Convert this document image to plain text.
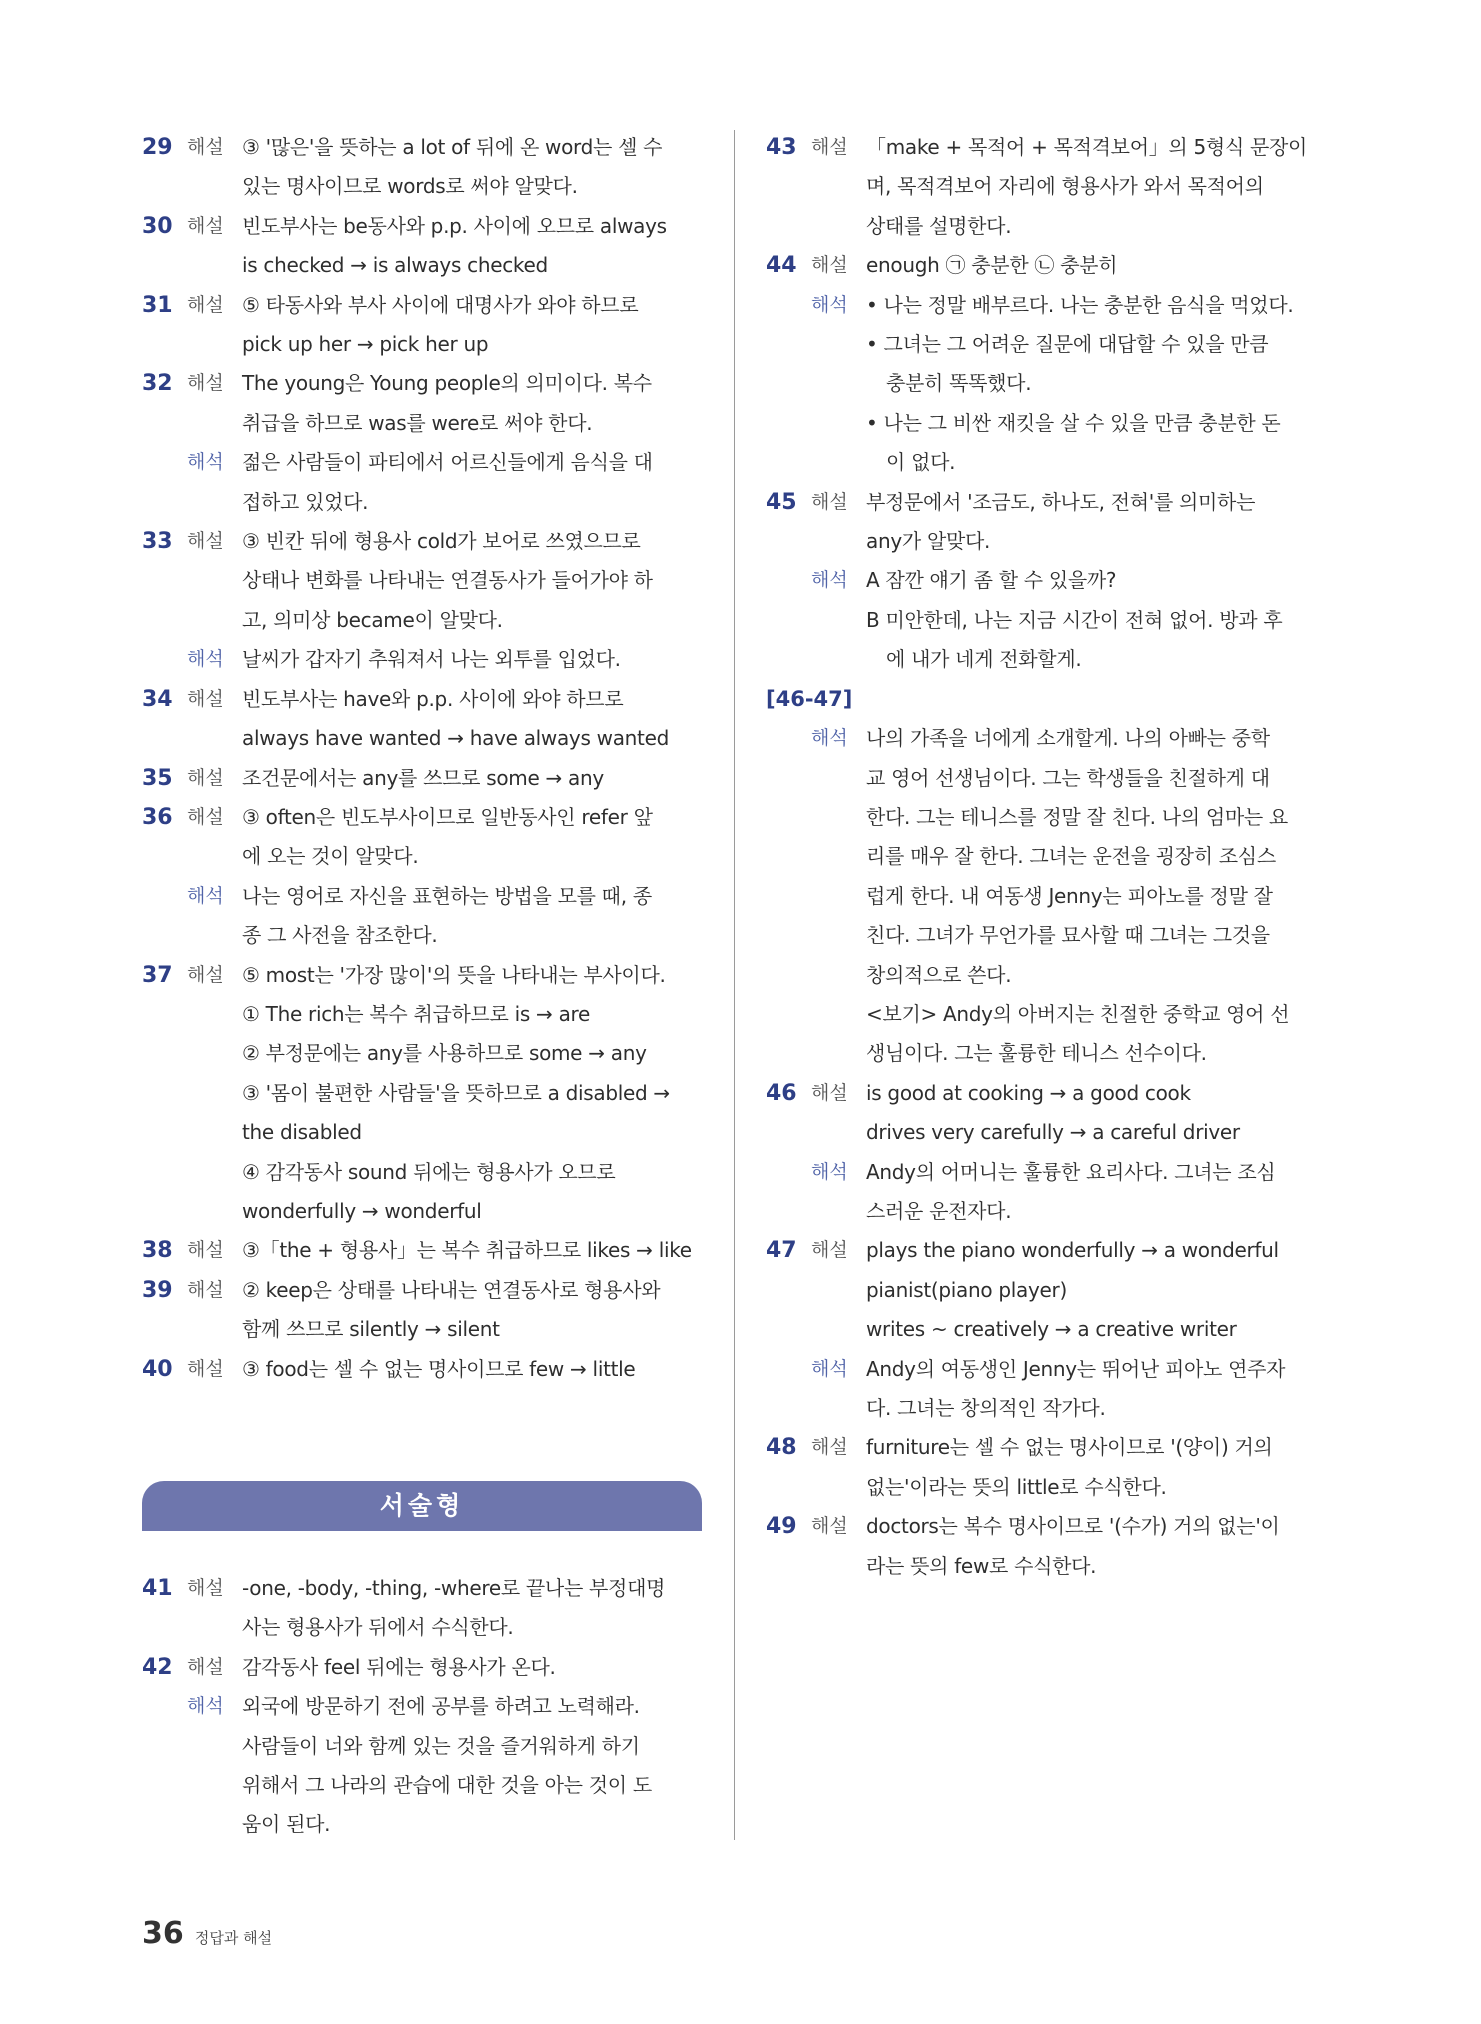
29 해설 ③ '많은'을 뜻하는 a lot of 뒤에 온 word는 셀 수
있는 명사이므로 words로 써야 알맞다.
30 해설 빈도부사는 be동사와 p.p. 사이에 오므로 always
is checked → is always checked
31 해설 ⑤ 타동사와 부사 사이에 대명사가 와야 하므로
pick up her → pick her up
32 해설 The young은 Young people의 의미이다. 복수
취급을 하므로 was를 were로 써야 한다.
해석 젊은 사람들이 파티에서 어르신들에게 음식을 대
접하고 있었다.
33 해설 ③ 빈칸 뒤에 형용사 cold가 보어로 쓰였으므로
상태나 변화를 나타내는 연결동사가 들어가야 하
고, 의미상 became이 알맞다.
해석 날씨가 갑자기 추워져서 나는 외투를 입었다.
34 해설 빈도부사는 have와 p.p. 사이에 와야 하므로
always have wanted → have always wanted
35 해설 조건문에서는 any를 쓰므로 some → any
36 해설 ③ often은 빈도부사이므로 일반동사인 refer 앞
에 오는 것이 알맞다.
해석 나는 영어로 자신을 표현하는 방법을 모를 때, 종
종 그 사전을 참조한다.
37 해설 ⑤ most는 '가장 많이'의 뜻을 나타내는 부사이다.
① The rich는 복수 취급하므로 is → are
② 부정문에는 any를 사용하므로 some → any
③ '몸이 불편한 사람들'을 뜻하므로 a disabled →
the disabled
④ 감각동사 sound 뒤에는 형용사가 오므로
wonderfully → wonderful
38 해설 ③「the + 형용사」는 복수 취급하므로 likes → like
39 해설 ② keep은 상태를 나타내는 연결동사로 형용사와
함께 쓰므로 silently → silent
40 해설 ③ food는 셀 수 없는 명사이므로 few → little
서술형
41 해설 -one, -body, -thing, -where로 끝나는 부정대명
사는 형용사가 뒤에서 수식한다.
42 해설 감각동사 feel 뒤에는 형용사가 온다.
해석 외국에 방문하기 전에 공부를 하려고 노력해라.
사람들이 너와 함께 있는 것을 즐거워하게 하기
위해서 그 나라의 관습에 대한 것을 아는 것이 도
움이 된다.
43 해설 「make + 목적어 + 목적격보어」의 5형식 문장이
며, 목적격보어 자리에 형용사가 와서 목적어의
상태를 설명한다.
44 해설 enough ㉠ 충분한 ㉡ 충분히
해석 • 나는 정말 배부르다. 나는 충분한 음식을 먹었다.
• 그녀는 그 어려운 질문에 대답할 수 있을 만큼
충분히 똑똑했다.
• 나는 그 비싼 재킷을 살 수 있을 만큼 충분한 돈
이 없다.
45 해설 부정문에서 '조금도, 하나도, 전혀'를 의미하는
any가 알맞다.
해석 A 잠깐 얘기 좀 할 수 있을까?
B 미안한데, 나는 지금 시간이 전혀 없어. 방과 후
에 내가 네게 전화할게.
[46-47]
해석 나의 가족을 너에게 소개할게. 나의 아빠는 중학
교 영어 선생님이다. 그는 학생들을 친절하게 대
한다. 그는 테니스를 정말 잘 친다. 나의 엄마는 요
리를 매우 잘 한다. 그녀는 운전을 굉장히 조심스
럽게 한다. 내 여동생 Jenny는 피아노를 정말 잘
친다. 그녀가 무언가를 묘사할 때 그녀는 그것을
창의적으로 쓴다.
<보기> Andy의 아버지는 친절한 중학교 영어 선
생님이다. 그는 훌륭한 테니스 선수이다.
46 해설 is good at cooking → a good cook
drives very carefully → a careful driver
해석 Andy의 어머니는 훌륭한 요리사다. 그녀는 조심
스러운 운전자다.
47 해설 plays the piano wonderfully → a wonderful
pianist(piano player)
writes ~ creatively → a creative writer
해석 Andy의 여동생인 Jenny는 뛰어난 피아노 연주자
다. 그녀는 창의적인 작가다.
48 해설 furniture는 셀 수 없는 명사이므로 '(양이) 거의
없는'이라는 뜻의 little로 수식한다.
49 해설 doctors는 복수 명사이므로 '(수가) 거의 없는'이
라는 뜻의 few로 수식한다.
36 정답과 해설
